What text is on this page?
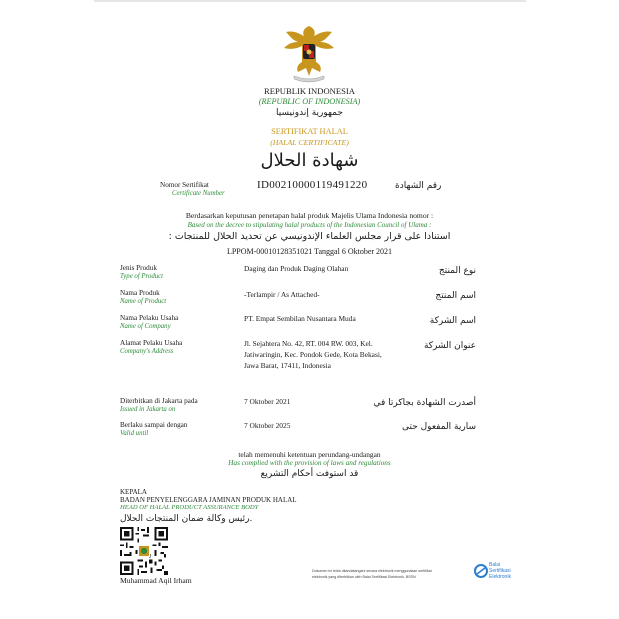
REPUBLIK INDONESIA
(REPUBLIC OF INDONESIA)
جمهورية إندونيسيا
SERTIFIKAT HALAL
(HALAL CERTIFICATE)
شهادة الحلال
Nomor Sertifikat
Certificate Number
ID00210000119491220	رقم الشهادة
Berdasarkan keputusan penetapan halal produk Majelis Ulama Indonesia nomor :
Based on the decree to stipulating halal products of the Indonesian Council of Ulama :
استنادا على قرار مجلس العلماء الإندونيسي عن تحديد الحلال للمنتجات :
LPPOM-00010128351021 Tanggal 6 Oktober 2021
Jenis Produk
Type of Product
Daging dan Produk Daging Olahan	نوع المنتج
Nama Produk
Name of Product
-Terlampir / As Attached-	اسم المنتج
Nama Pelaku Usaha
Name of Company
PT. Empat Sembilan Nusantara Muda	اسم الشركة
Alamat Pelaku Usaha
Company's Address
Jl. Sejahtera No. 42, RT. 004 RW. 003, Kel.
Jatiwaringin, Kec. Pondok Gede, Kota Bekasi,
Jawa Barat, 17411, Indonesia
عنوان الشركة
Diterbitkan di Jakarta pada
Issued in Jakarta on
7 Oktober 2021	أصدرت الشهادة بجاكرتا في
Berlaku sampai dengan
Valid until
7 Oktober 2025	سارية المفعول حتى
telah memenuhi ketentuan perundang-undangan
Has complied with the provision of laws and regulations
قد استوفت أحكام التشريع
KEPALA
BADAN PENYELENGGARA JAMINAN PRODUK HALAL
HEAD OF HALAL PRODUCT ASSURANCE BODY
رئيس وكالة ضمان المنتجات الحلال.
Muhammad Aqil Irham
Dokumen ini telah ditandatangani secara elektronik menggunakan sertifikat
elektronik yang diterbitkan oleh Balai Sertifikasi Elektronik, BSSN
Balai
Sertifikasi
Elektronik
